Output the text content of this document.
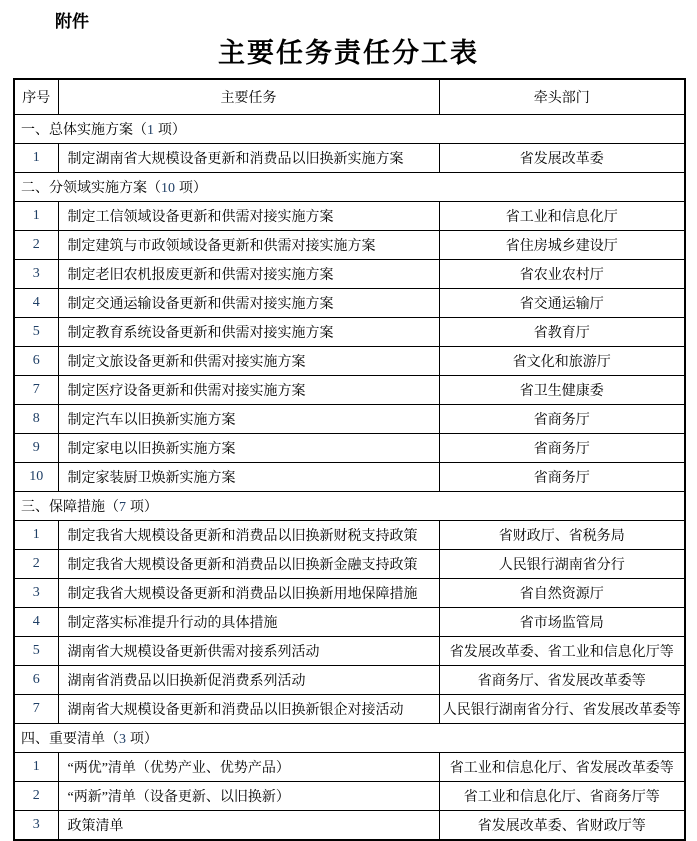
附件
主要任务责任分工表
序号	主要任务	牵头部门
一、总体实施方案（1 项）		
1	制定湖南省大规模设备更新和消费品以旧换新实施方案	省发展改革委
二、分领域实施方案（10 项）		
1	制定工信领域设备更新和供需对接实施方案	省工业和信息化厅
2	制定建筑与市政领域设备更新和供需对接实施方案	省住房城乡建设厅
3	制定老旧农机报废更新和供需对接实施方案	省农业农村厅
4	制定交通运输设备更新和供需对接实施方案	省交通运输厅
5	制定教育系统设备更新和供需对接实施方案	省教育厅
6	制定文旅设备更新和供需对接实施方案	省文化和旅游厅
7	制定医疗设备更新和供需对接实施方案	省卫生健康委
8	制定汽车以旧换新实施方案	省商务厅
9	制定家电以旧换新实施方案	省商务厅
10	制定家装厨卫焕新实施方案	省商务厅
三、保障措施（7 项）		
1	制定我省大规模设备更新和消费品以旧换新财税支持政策	省财政厅、省税务局
2	制定我省大规模设备更新和消费品以旧换新金融支持政策	人民银行湖南省分行
3	制定我省大规模设备更新和消费品以旧换新用地保障措施	省自然资源厅
4	制定落实标准提升行动的具体措施	省市场监管局
5	湖南省大规模设备更新供需对接系列活动	省发展改革委、省工业和信息化厅等
6	湖南省消费品以旧换新促消费系列活动	省商务厅、省发展改革委等
7	湖南省大规模设备更新和消费品以旧换新银企对接活动	人民银行湖南省分行、省发展改革委等
四、重要清单（3 项）		
1	“两优”清单（优势产业、优势产品）	省工业和信息化厅、省发展改革委等
2	“两新”清单（设备更新、以旧换新）	省工业和信息化厅、省商务厅等
3	政策清单	省发展改革委、省财政厅等
